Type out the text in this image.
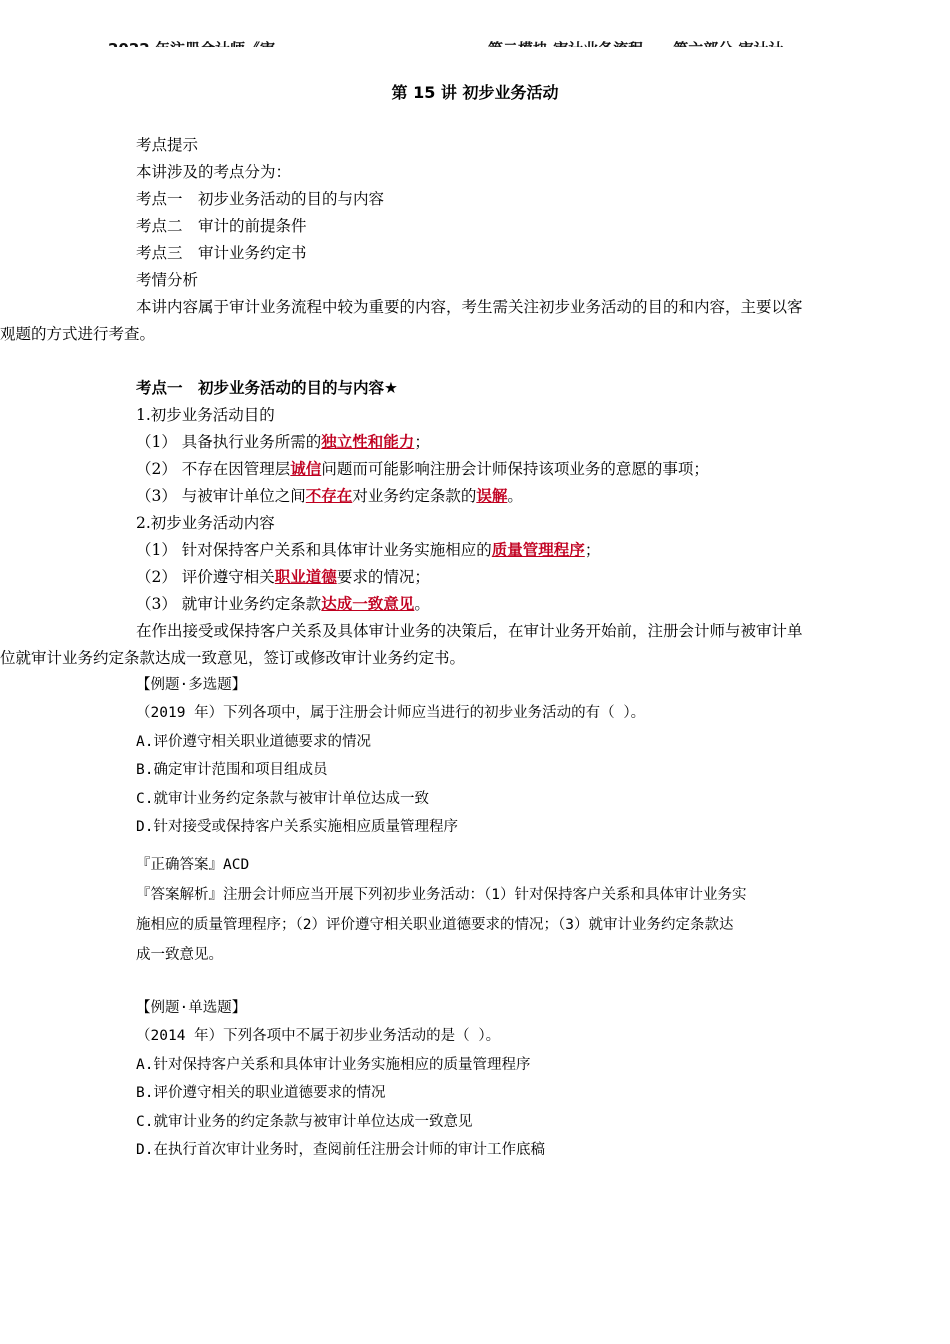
第 15 讲 初步业务活动
考点提示
本讲涉及的考点分为：
考点一　初步业务活动的目的与内容
考点二　审计的前提条件
考点三　审计业务约定书
考情分析
本讲内容属于审计业务流程中较为重要的内容，考生需关注初步业务活动的目的和内容，主要以客
观题的方式进行考查。
考点一　初步业务活动的目的与内容★
1.初步业务活动目的
（1） 具备执行业务所需的独立性和能力；
（2） 不存在因管理层诚信问题而可能影响注册会计师保持该项业务的意愿的事项；
（3） 与被审计单位之间不存在对业务约定条款的误解。
2.初步业务活动内容
（1） 针对保持客户关系和具体审计业务实施相应的质量管理程序；
（2） 评价遵守相关职业道德要求的情况；
（3） 就审计业务约定条款达成一致意见。
在作出接受或保持客户关系及具体审计业务的决策后，在审计业务开始前，注册会计师与被审计单
位就审计业务约定条款达成一致意见，签订或修改审计业务约定书。
【例题·多选题】
（2019 年）下列各项中，属于注册会计师应当进行的初步业务活动的有（ ）。
A.评价遵守相关职业道德要求的情况
B.确定审计范围和项目组成员
C.就审计业务约定条款与被审计单位达成一致
D.针对接受或保持客户关系实施相应质量管理程序
『正确答案』ACD
『答案解析』注册会计师应当开展下列初步业务活动：（1）针对保持客户关系和具体审计业务实
施相应的质量管理程序；（2）评价遵守相关职业道德要求的情况；（3）就审计业务约定条款达
成一致意见。
【例题·单选题】
（2014 年）下列各项中不属于初步业务活动的是（ ）。
A.针对保持客户关系和具体审计业务实施相应的质量管理程序
B.评价遵守相关的职业道德要求的情况
C.就审计业务的约定条款与被审计单位达成一致意见
D.在执行首次审计业务时，查阅前任注册会计师的审计工作底稿
